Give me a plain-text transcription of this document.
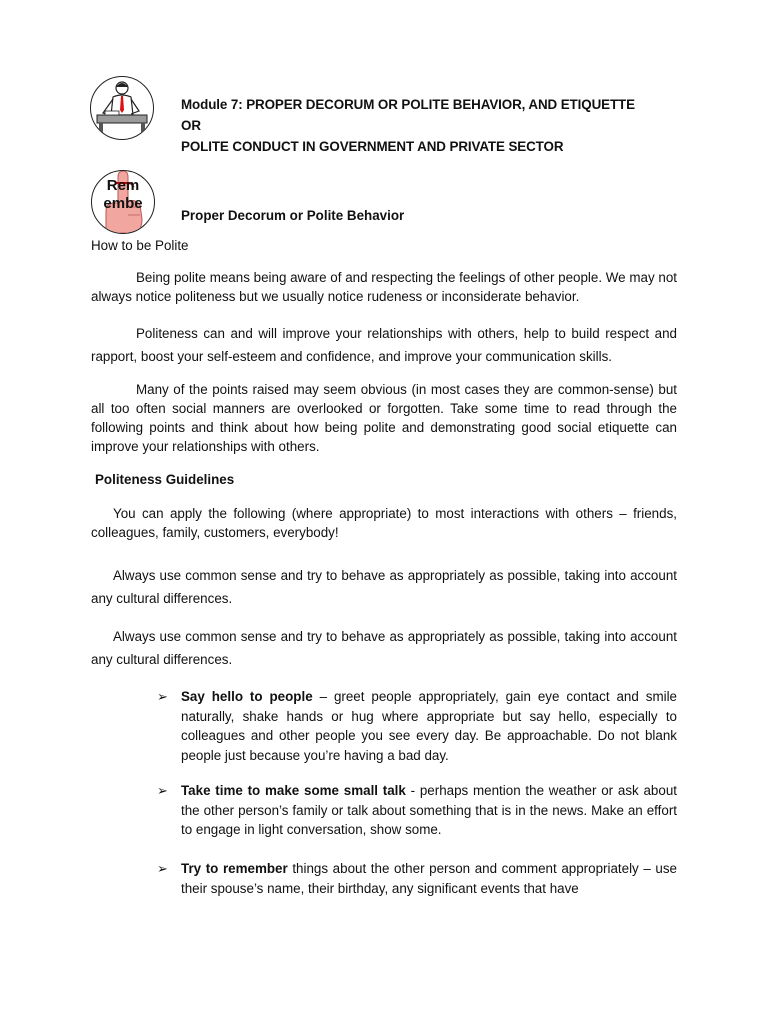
Rem
embe
Module 7: PROPER DECORUM OR POLITE BEHAVIOR, AND ETIQUETTE OR
POLITE CONDUCT IN GOVERNMENT AND PRIVATE SECTOR
Proper Decorum or Polite Behavior
How to be Polite
Being polite means being aware of and respecting the feelings of other people. We may not always notice politeness but we usually notice rudeness or inconsiderate behavior.
Politeness can and will improve your relationships with others, help to build respect and rapport, boost your self-esteem and confidence, and improve your communication skills.
Many of the points raised may seem obvious (in most cases they are common-sense) but all too often social manners are overlooked or forgotten. Take some time to read through the following points and think about how being polite and demonstrating good social etiquette can improve your relationships with others.
Politeness Guidelines
You can apply the following (where appropriate) to most interactions with others – friends, colleagues, family, customers, everybody!
Always use common sense and try to behave as appropriately as possible, taking into account any cultural differences.
Always use common sense and try to behave as appropriately as possible, taking into account any cultural differences.
➢ Say hello to people – greet people appropriately, gain eye contact and smile naturally, shake hands or hug where appropriate but say hello, especially to colleagues and other people you see every day. Be approachable. Do not blank people just because you’re having a bad day.
➢ Take time to make some small talk - perhaps mention the weather or ask about the other person’s family or talk about something that is in the news. Make an effort to engage in light conversation, show some.
➢ Try to remember things about the other person and comment appropriately – use their spouse’s name, their birthday, any significant events that have
